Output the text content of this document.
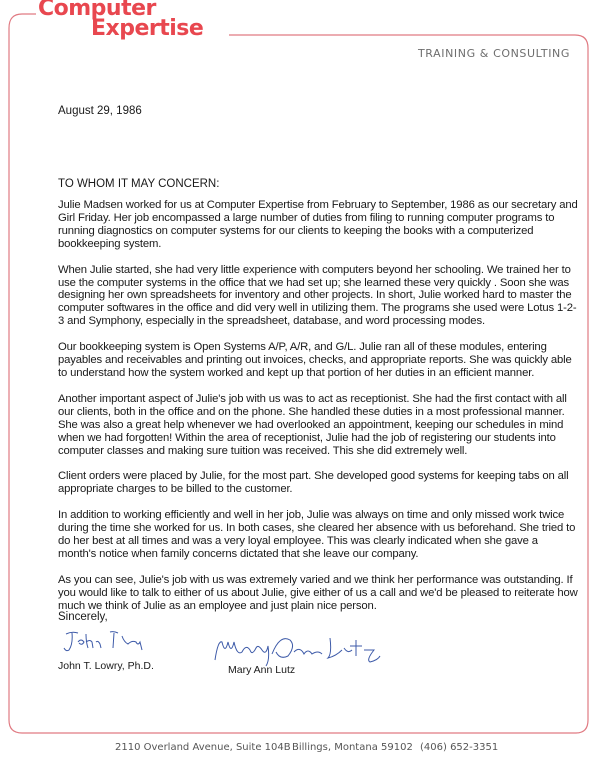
Computer
Expertise
TRAINING & CONSULTING
August 29, 1986
TO WHOM IT MAY CONCERN:

Julie Madsen worked for us at Computer Expertise from February to September, 1986 as our secretary and Girl Friday. Her job encompassed a large number of duties from filing to running computer programs to running diagnostics on computer systems for our clients to keeping the books with a computerized bookkeeping system.

When Julie started, she had very little experience with computers beyond her schooling. We trained her to use the computer systems in the office that we had set up; she learned these very quickly . Soon she was designing her own spreadsheets for inventory and other projects. In short, Julie worked hard to master the computer softwares in the office and did very well in utilizing them. The programs she used were Lotus 1-2-3 and Symphony, especially in the spreadsheet, database, and word processing modes.

Our bookkeeping system is Open Systems A/P, A/R, and G/L. Julie ran all of these modules, entering payables and receivables and printing out invoices, checks, and appropriate reports. She was quickly able to understand how the system worked and kept up that portion of her duties in an efficient manner.

Another important aspect of Julie's job with us was to act as receptionist. She had the first contact with all our clients, both in the office and on the phone. She handled these duties in a most professional manner. She was also a great help whenever we had overlooked an appointment, keeping our schedules in mind when we had forgotten! Within the area of receptionist, Julie had the job of registering our students into computer classes and making sure tuition was received. This she did extremely well.

Client orders were placed by Julie, for the most part. She developed good systems for keeping tabs on all appropriate charges to be billed to the customer.

In addition to working efficiently and well in her job, Julie was always on time and only missed work twice during the time she worked for us. In both cases, she cleared her absence with us beforehand. She tried to do her best at all times and was a very loyal employee. This was clearly indicated when she gave a month's notice when family concerns dictated that she leave our company.

As you can see, Julie's job with us was extremely varied and we think her performance was outstanding. If you would like to talk to either of us about Julie, give either of us a call and we'd be pleased to reiterate how much we think of Julie as an employee and just plain nice person.

Sincerely,
John T. Lowry, Ph.D.	Mary Ann Lutz
2110 Overland Avenue, Suite 104B Billings, Montana 59102 (406) 652-3351
